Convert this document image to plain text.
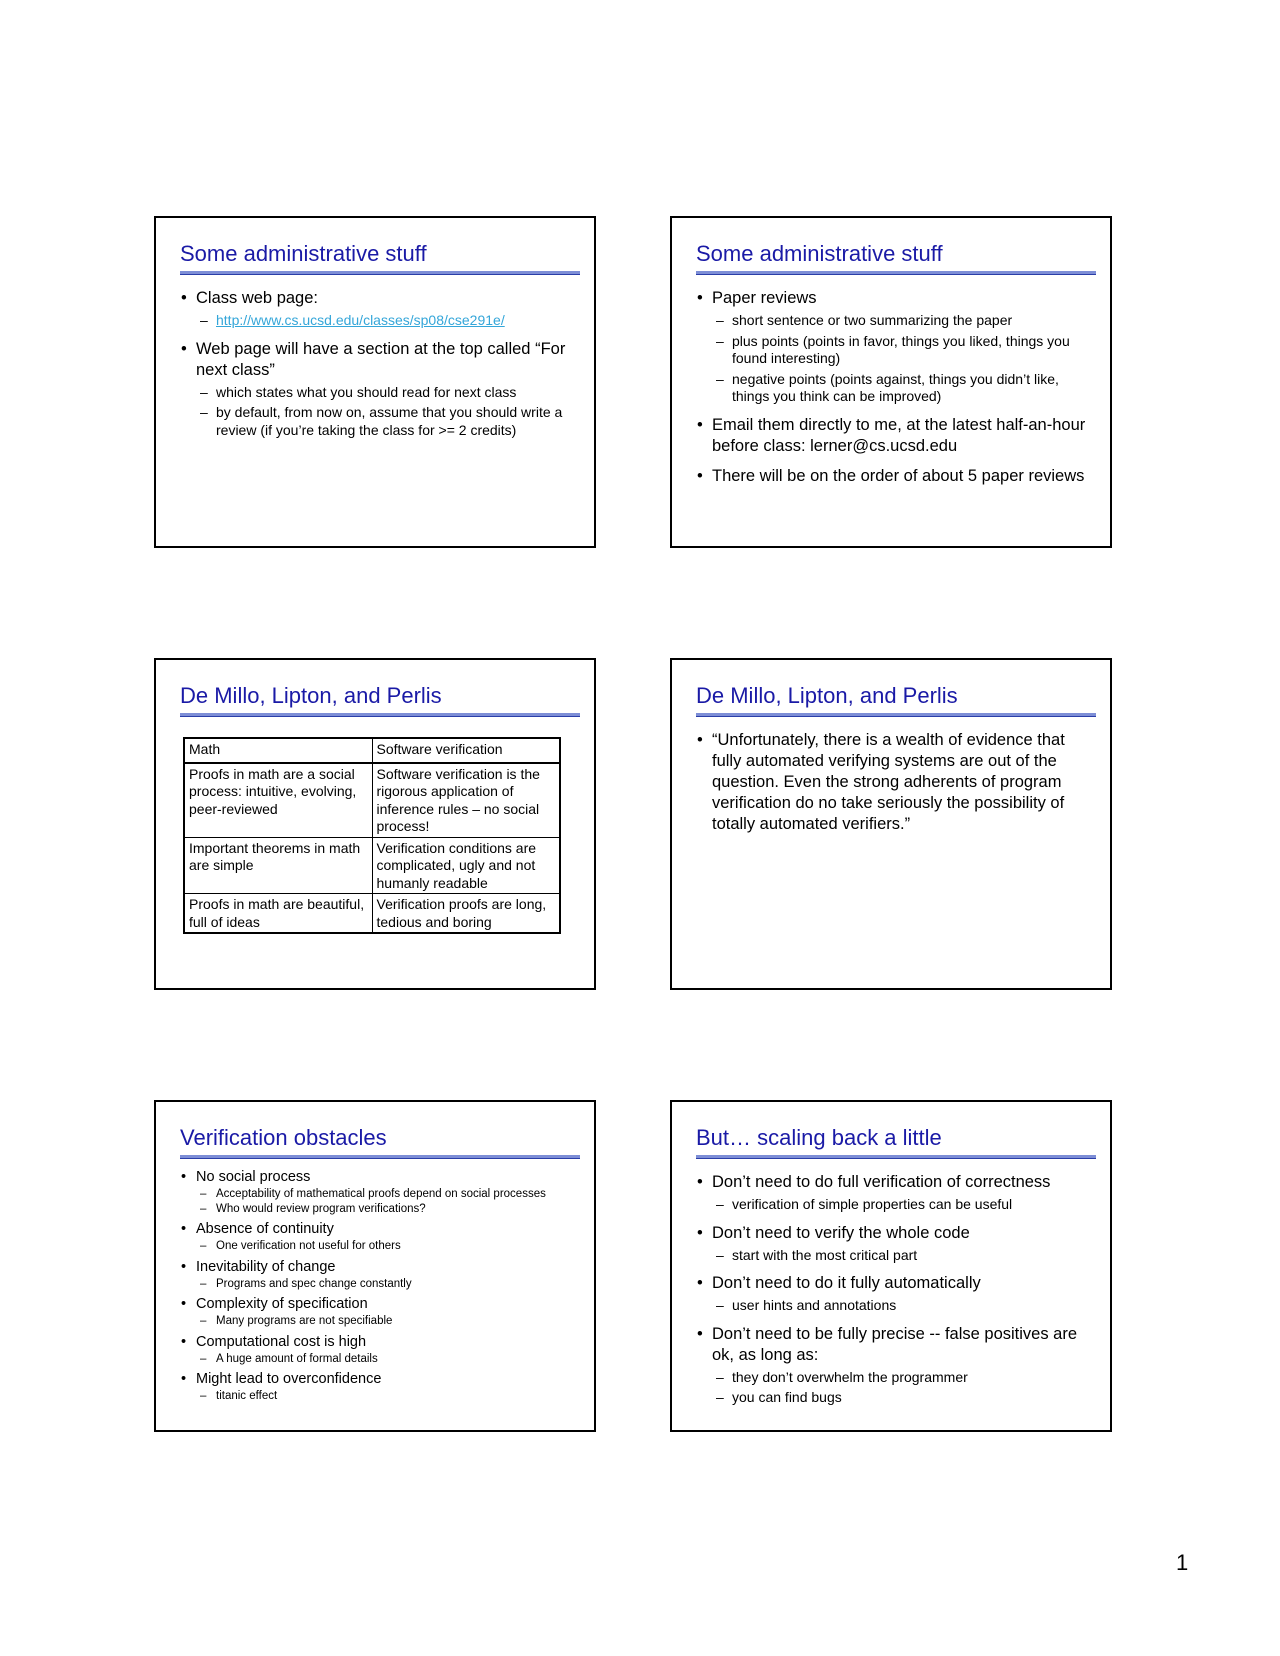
Some administrative stuff
• Class web page:
– http://www.cs.ucsd.edu/classes/sp08/cse291e/
• Web page will have a section at the top called “For next class”
– which states what you should read for next class
– by default, from now on, assume that you should write a review (if you’re taking the class for >= 2 credits)
Some administrative stuff
• Paper reviews
– short sentence or two summarizing the paper
– plus points (points in favor, things you liked, things you found interesting)
– negative points (points against, things you didn’t like, things you think can be improved)
• Email them directly to me, at the latest half-an-hour before class: lerner@cs.ucsd.edu
• There will be on the order of about 5 paper reviews
De Millo, Lipton, and Perlis
Math	Software verification
Proofs in math are a social process: intuitive, evolving, peer-reviewed	Software verification is the rigorous application of inference rules – no social process!
Important theorems in math are simple	Verification conditions are complicated, ugly and not humanly readable
Proofs in math are beautiful, full of ideas	Verification proofs are long, tedious and boring
De Millo, Lipton, and Perlis
• “Unfortunately, there is a wealth of evidence that fully automated verifying systems are out of the question. Even the strong adherents of program verification do no take seriously the possibility of totally automated verifiers.”
Verification obstacles
• No social process
– Acceptability of mathematical proofs depend on social processes
– Who would review program verifications?
• Absence of continuity
– One verification not useful for others
• Inevitability of change
– Programs and spec change constantly
• Complexity of specification
– Many programs are not specifiable
• Computational cost is high
– A huge amount of formal details
• Might lead to overconfidence
– titanic effect
But… scaling back a little
• Don’t need to do full verification of correctness
– verification of simple properties can be useful
• Don’t need to verify the whole code
– start with the most critical part
• Don’t need to do it fully automatically
– user hints and annotations
• Don’t need to be fully precise -- false positives are ok, as long as:
– they don’t overwhelm the programmer
– you can find bugs
1
